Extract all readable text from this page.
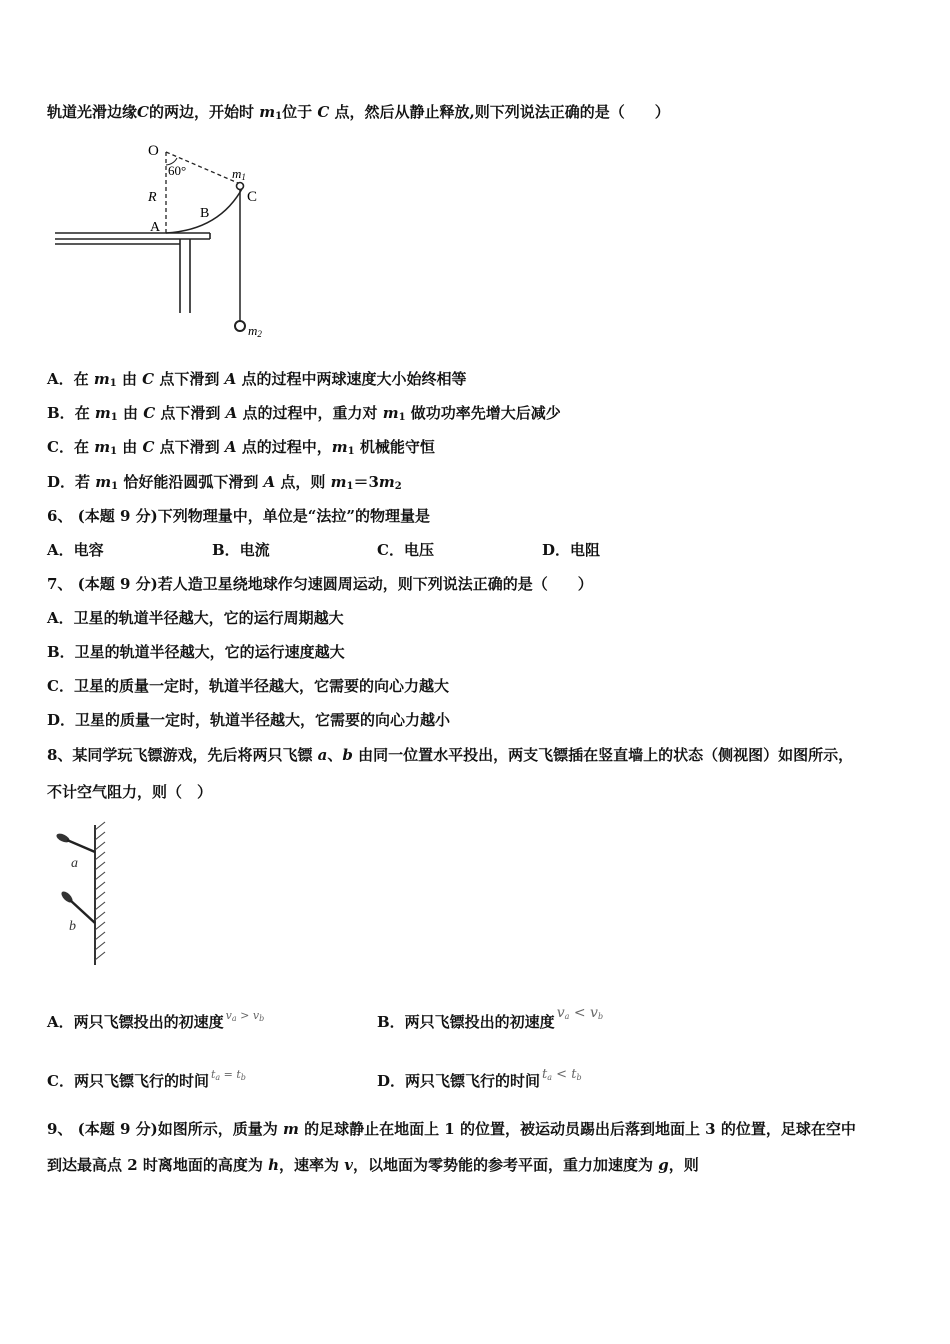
轨道光滑边缘C的两边，开始时 $m_1$位于 C 点，然后从静止释放,则下列说法正确的是（　　）
O
60°	m1
C
R
B
A
m2
A．在 $m_1$ 由 C 点下滑到 A 点的过程中两球速度大小始终相等
B．在 $m_1$ 由 C 点下滑到 A 点的过程中，重力对 $m_1$ 做功功率先增大后减少
C．在 $m_1$ 由 C 点下滑到 A 点的过程中，$m_1$ 机械能守恒
D．若 $m_1$ 恰好能沿圆弧下滑到 A 点，则 $m_1=3m_2$
6、 (本题 9 分)下列物理量中，单位是“法拉”的物理量是
A．电容	B．电流	C．电压	D．电阻
7、 (本题 9 分)若人造卫星绕地球作匀速圆周运动，则下列说法正确的是（　　）
A．卫星的轨道半径越大，它的运行周期越大
B．卫星的轨道半径越大，它的运行速度越大
C．卫星的质量一定时，轨道半径越大，它需要的向心力越大
D．卫星的质量一定时，轨道半径越大，它需要的向心力越小
8、某同学玩飞镖游戏，先后将两只飞镖 a、b 由同一位置水平投出，两支飞镖插在竖直墙上的状态（侧视图）如图所示，
不计空气阻力，则（　）
a
b
A．两只飞镖投出的初速度 $^{v_a > v_b}$	B．两只飞镖投出的初速度 $v_a < v_b$
C．两只飞镖飞行的时间 $^{t_a = t_b}$	D．两只飞镖飞行的时间 $t_a < t_b$
9、 (本题 9 分)如图所示，质量为 m 的足球静止在地面上 1 的位置，被运动员踢出后落到地面上 3 的位置，足球在空中
到达最高点 2 时离地面的高度为 h，速率为 v，以地面为零势能的参考平面，重力加速度为 g，则
